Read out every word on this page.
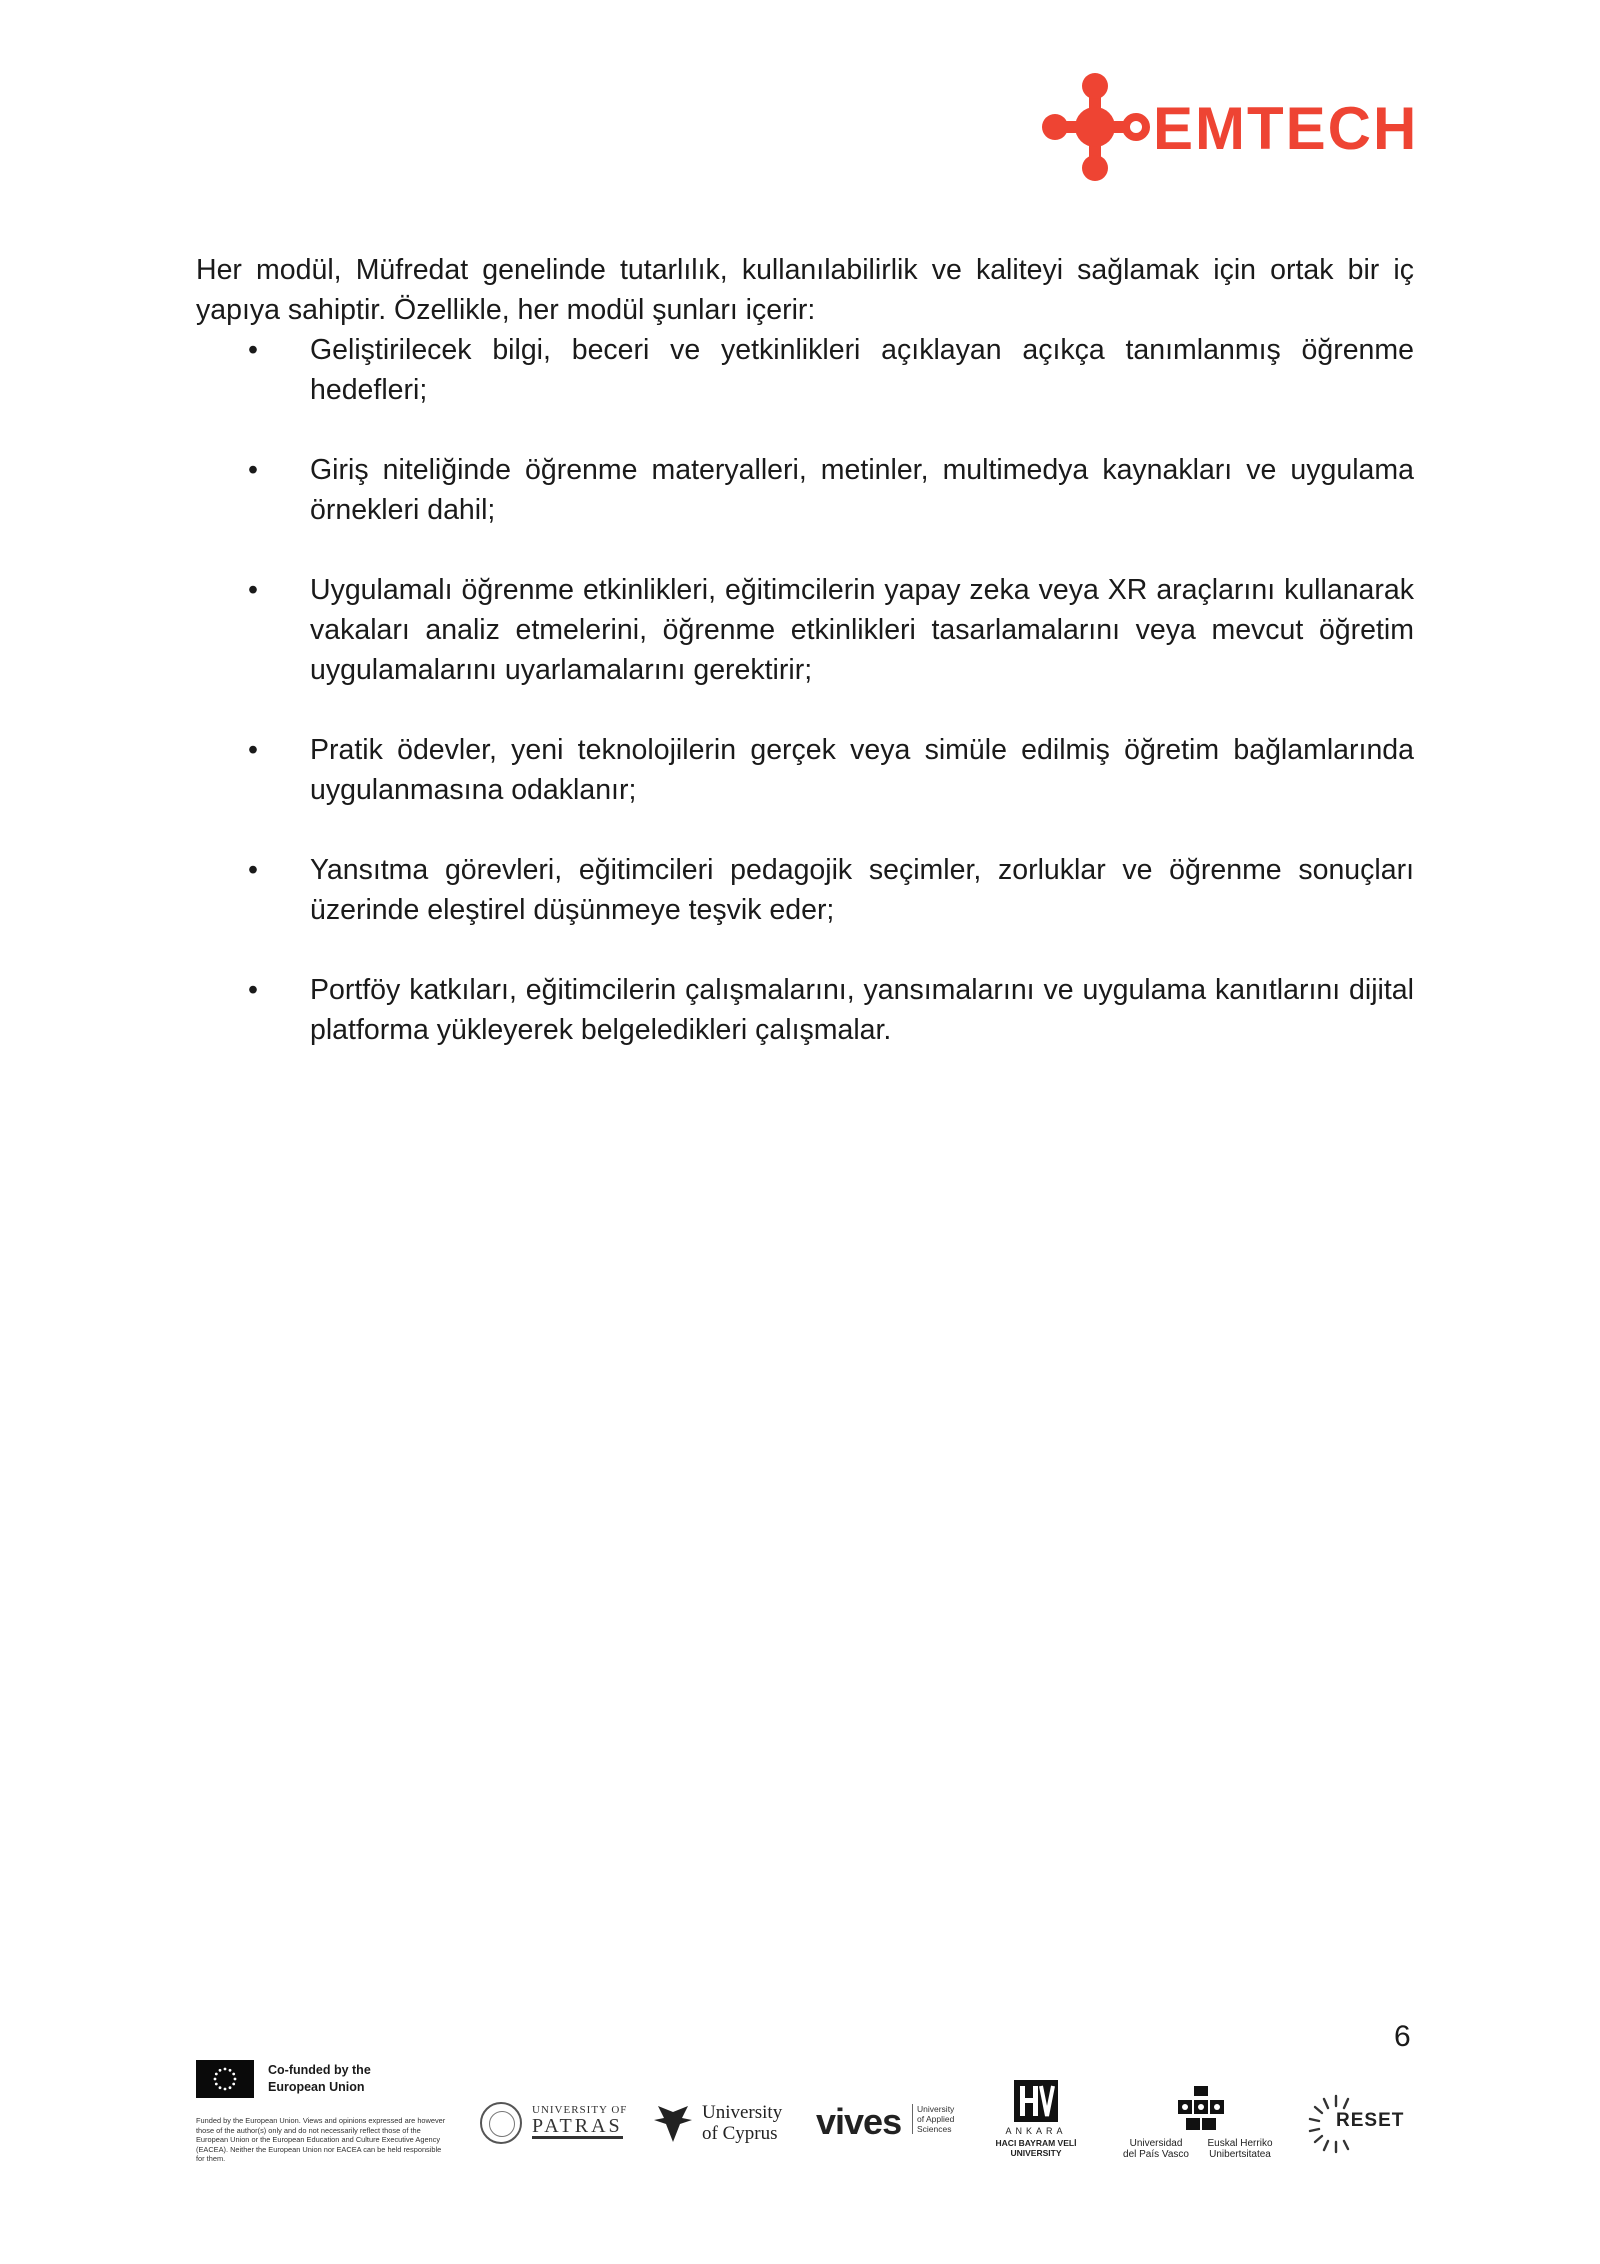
EMTECH

Her modül, Müfredat genelinde tutarlılık, kullanılabilirlik ve kaliteyi sağlamak için ortak bir iç yapıya sahiptir. Özellikle, her modül şunları içerir:

• Geliştirilecek bilgi, beceri ve yetkinlikleri açıklayan açıkça tanımlanmış öğrenme hedefleri;
• Giriş niteliğinde öğrenme materyalleri, metinler, multimedya kaynakları ve uygulama örnekleri dahil;
• Uygulamalı öğrenme etkinlikleri, eğitimcilerin yapay zeka veya XR araçlarını kullanarak vakaları analiz etmelerini, öğrenme etkinlikleri tasarlamalarını veya mevcut öğretim uygulamalarını uyarlamalarını gerektirir;
• Pratik ödevler, yeni teknolojilerin gerçek veya simüle edilmiş öğretim bağlamlarında uygulanmasına odaklanır;
• Yansıtma görevleri, eğitimcileri pedagojik seçimler, zorluklar ve öğrenme sonuçları üzerinde eleştirel düşünmeye teşvik eder;
• Portföy katkıları, eğitimcilerin çalışmalarını, yansımalarını ve uygulama kanıtlarını dijital platforma yükleyerek belgeledikleri çalışmalar.
6
Co-funded by the European Union
Funded by the European Union. Views and opinions expressed are however those of the author(s) only and do not necessarily reflect those of the European Union or the European Education and Culture Executive Agency (EACEA). Neither the European Union nor EACEA can be held responsible for them.
UNIVERSITY OF
PATRAS
University
of Cyprus vives University
of Applied
Sciences	ANKARA
HACI BAYRAM VELİ
UNIVERSITY
Universidad
del País Vasco
Euskal Herriko
Unibertsitatea
RESET
